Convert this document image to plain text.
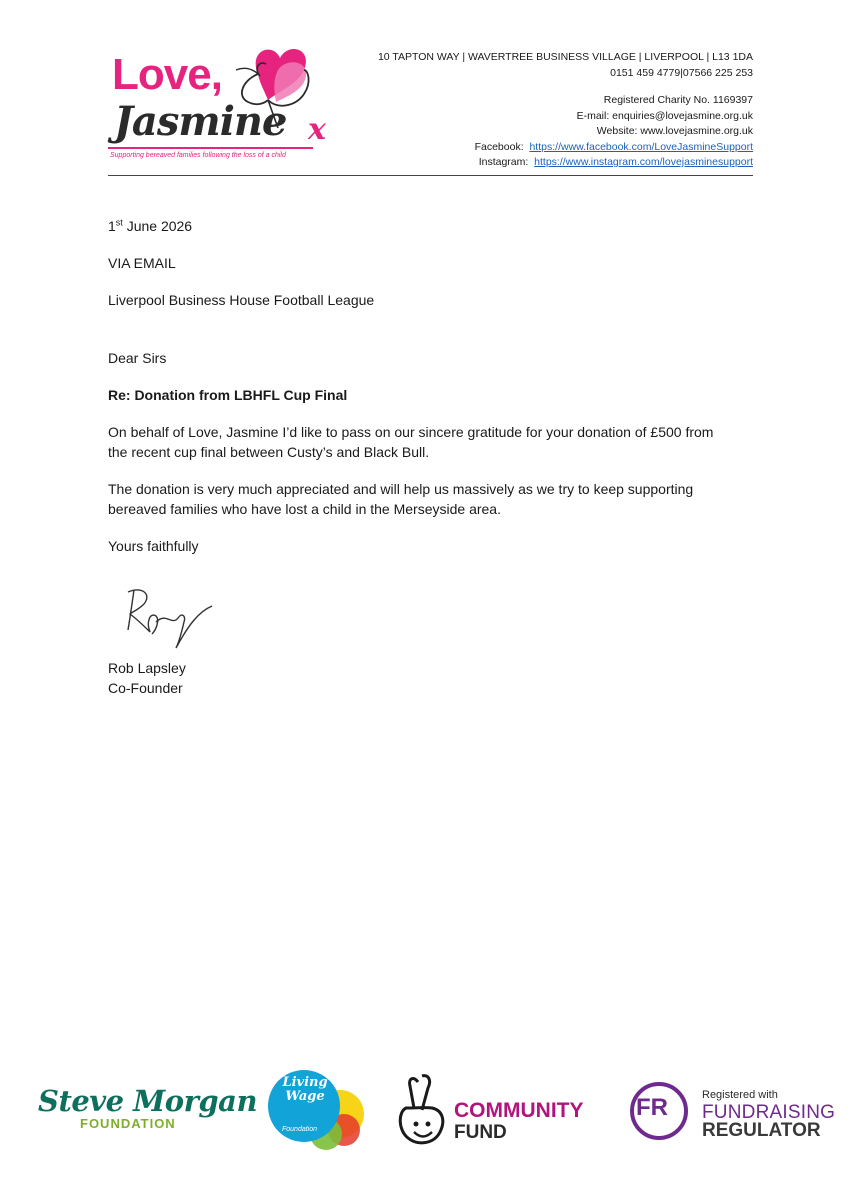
Love,
Jasmine x
Supporting bereaved families following the loss of a child
10 TAPTON WAY | WAVERTREE BUSINESS VILLAGE | LIVERPOOL | L13 1DA
0151 459 4779|07566 225 253
Registered Charity No. 1169397
E-mail: enquiries@lovejasmine.org.uk
Website: www.lovejasmine.org.uk
Facebook: https://www.facebook.com/LoveJasmineSupport
Instagram: https://www.instagram.com/lovejasminesupport

1st June 2026

VIA EMAIL

Liverpool Business House Football League

Dear Sirs

Re: Donation from LBHFL Cup Final

On behalf of Love, Jasmine I’d like to pass on our sincere gratitude for your donation of £500 from

the recent cup final between Custy’s and Black Bull.

The donation is very much appreciated and will help us massively as we try to keep supporting

bereaved families who have lost a child in the Merseyside area.

Yours faithfully

Rob Lapsley
Co-Founder
Steve Morgan
FOUNDATION
Living
Wage
Foundation
COMMUNITY
FUND
FR	Registered with
FUNDRAISING
REGULATOR
